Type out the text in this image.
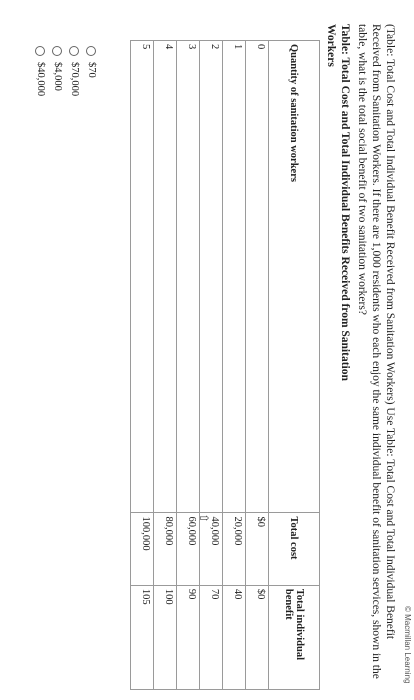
© Macmillan Learning
(Table: Total Cost and Total Individual Benefit Received from Sanitation Workers) Use Table: Total Cost and Total Individual Benefit Received from Sanitation Workers. If there are 1,000 residents who each enjoy the same individual benefit of sanitation services, shown in the table, what is the total social benefit of two sanitation workers?
Table: Total Cost and Total Individual Benefits Received from Sanitation Workers
Quantity of sanitation workers	Total cost	Total individual benefit
0	$0	$0
1	20,000	40
2	40,000	70
3	60,000	90
4	80,000	100
5	100,000	105
⇧
$70
$70,000
$4,000
$40,000
